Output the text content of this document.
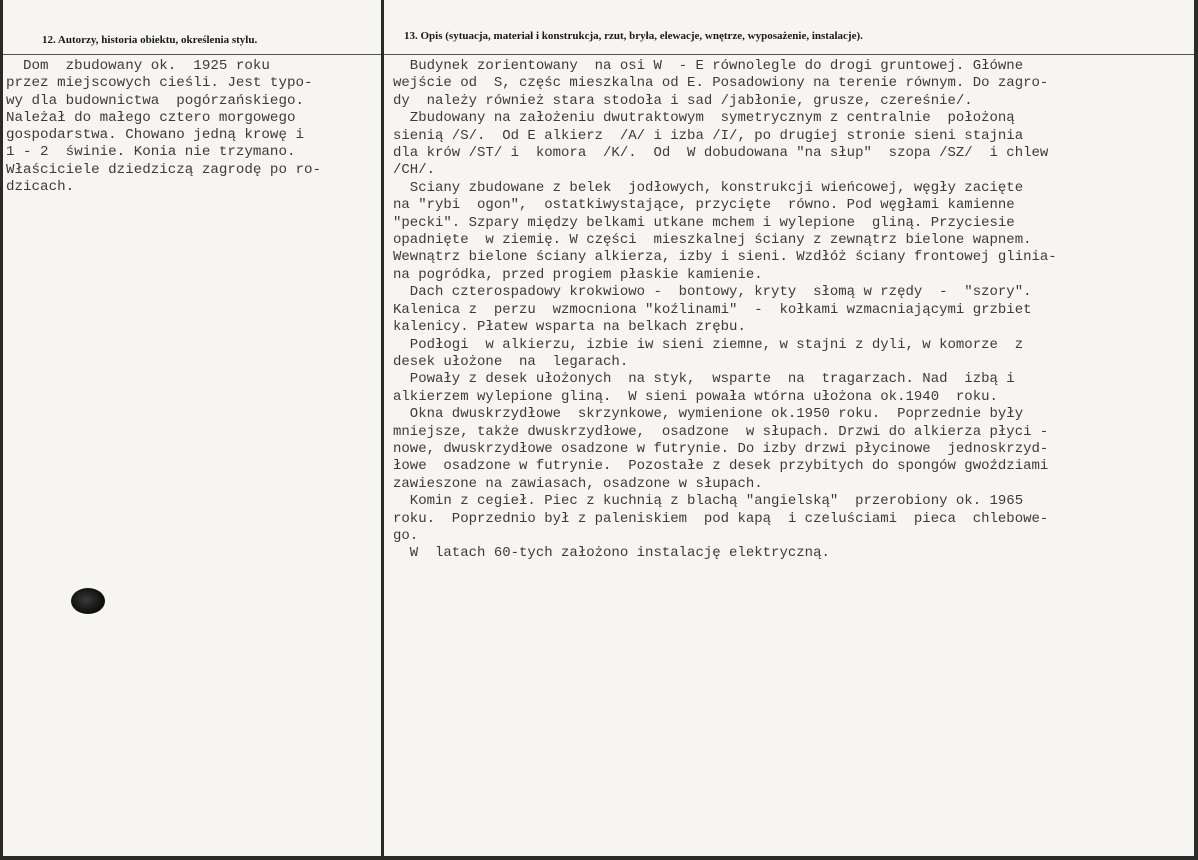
12. Autorzy, historia obiektu, określenia stylu.	13. Opis (sytuacja, materiał i konstrukcja, rzut, bryła, elewacje, wnętrze, wyposażenie, instalacje).
Dom  zbudowany ok.  1925 roku
przez miejscowych cieśli. Jest typo-
wy dla budownictwa  pogórzańskiego.
Należał do małego cztero morgowego
gospodarstwa. Chowano jedną krowę i
1 - 2  świnie. Konia nie trzymano.
Właściciele dziedziczą zagrodę po ro-
dzicach.
Budynek zorientowany  na osi W  - E równolegle do drogi gruntowej. Główne
wejście od  S, częśc mieszkalna od E. Posadowiony na terenie równym. Do zagro-
dy  należy również stara stodoła i sad /jabłonie, grusze, czereśnie/.
Zbudowany na założeniu dwutraktowym  symetrycznym z centralnie  położoną
sienią /S/.  Od E alkierz  /A/ i izba /I/, po drugiej stronie sieni stajnia
dla krów /ST/ i  komora  /K/.  Od  W dobudowana "na słup"  szopa /SZ/  i chlew
/CH/.
Sciany zbudowane z belek  jodłowych, konstrukcji wieńcowej, węgły zacięte
na "rybi  ogon",  ostatkiwystające, przycięte  równo. Pod węgłami kamienne
"pecki". Szpary między belkami utkane mchem i wylepione  gliną. Przyciesie
opadnięte  w ziemię. W części  mieszkalnej ściany z zewnątrz bielone wapnem.
Wewnątrz bielone ściany alkierza, izby i sieni. Wzdłóż ściany frontowej glinia-
na pogródka, przed progiem płaskie kamienie.
Dach czterospadowy krokwiowo -  bontowy, kryty  słomą w rzędy  -  "szory".
Kalenica z  perzu  wzmocniona "koźlinami"  -  kołkami wzmacniającymi grzbiet
kalenicy. Płatew wsparta na belkach zrębu.
Podłogi  w alkierzu, izbie iw sieni ziemne, w stajni z dyli, w komorze  z
desek ułożone  na  legarach.
Powały z desek ułożonych  na styk,  wsparte  na  tragarzach. Nad  izbą i
alkierzem wylepione gliną.  W sieni powała wtórna ułożona ok.1940  roku.
Okna dwuskrzydłowe  skrzynkowe, wymienione ok.1950 roku.  Poprzednie były
mniejsze, także dwuskrzydłowe,  osadzone  w słupach. Drzwi do alkierza płyci -
nowe, dwuskrzydłowe osadzone w futrynie. Do izby drzwi płycinowe  jednoskrzyd-
łowe  osadzone w futrynie.  Pozostałe z desek przybitych do spongów gwoździami
zawieszone na zawiasach, osadzone w słupach.
Komin z cegieł. Piec z kuchnią z blachą "angielską"  przerobiony ok. 1965
roku.  Poprzednio był z paleniskiem  pod kapą  i czeluściami  pieca  chlebowe-
go.
W  latach 60-tych założono instalację elektryczną.
